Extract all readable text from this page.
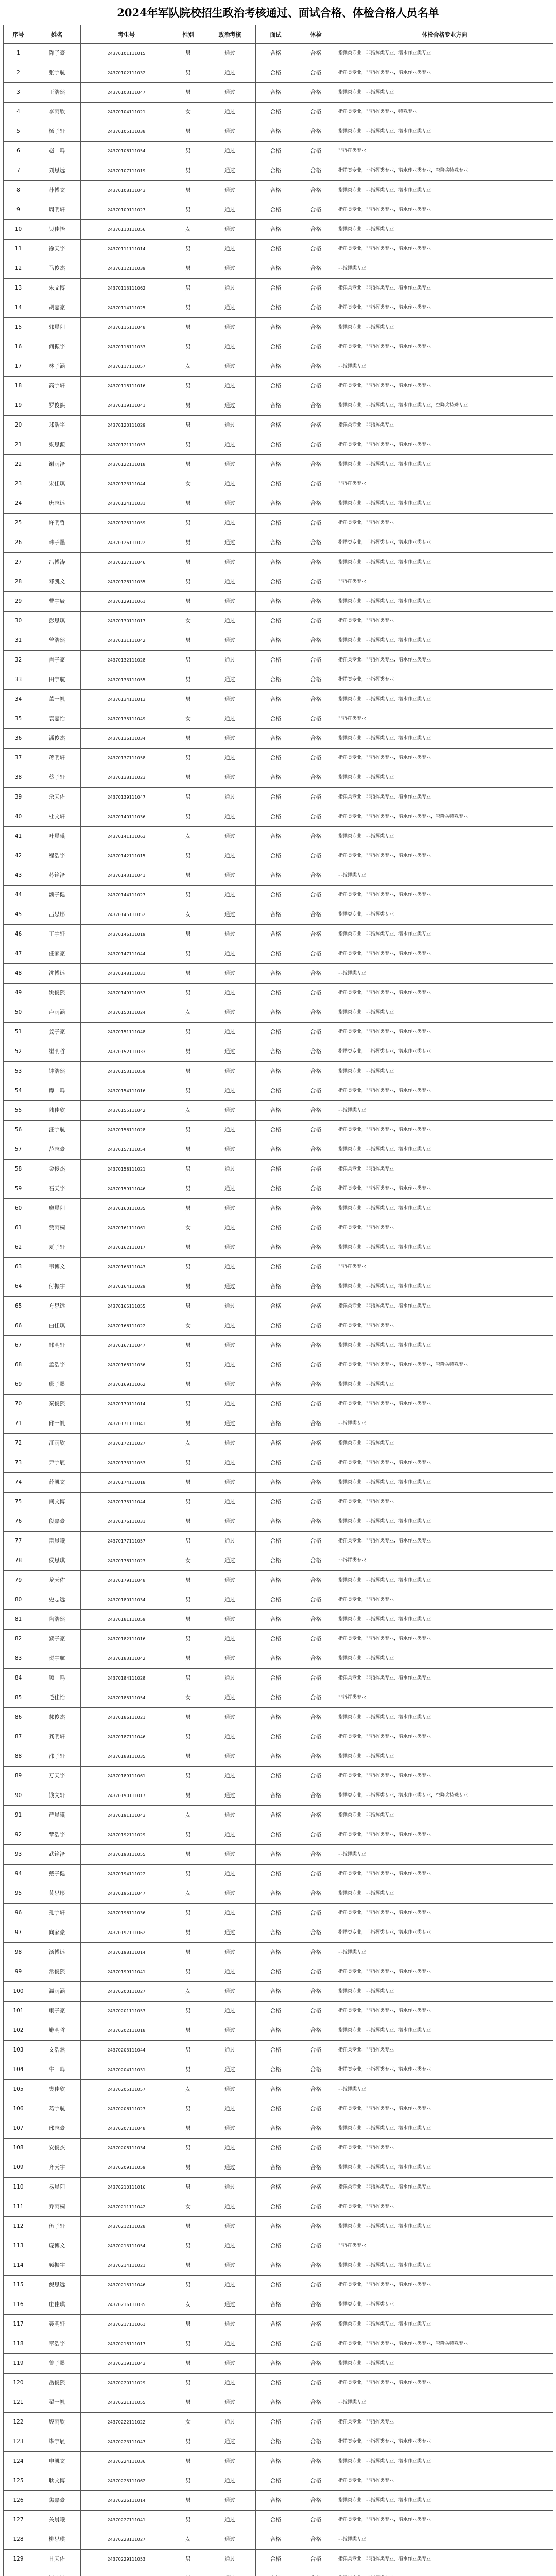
2024年军队院校招生政治考核通过、面试合格、体检合格人员名单
序号	姓名	考生号	性别	政治考核	面试	体检	体检合格专业方向
1	陈子豪	24370101111015	男	通过	合格	合格	指挥类专业，非指挥类专业，潜水作业类专业
2	张宇航	24370102111032	男	通过	合格	合格	指挥类专业，非指挥类专业，潜水作业类专业
3	王浩然	24370103111047	男	通过	合格	合格	指挥类专业，非指挥类专业
4	李雨欣	24370104111021	女	通过	合格	合格	指挥类专业，非指挥类专业，特殊专业
5	杨子轩	24370105111038	男	通过	合格	合格	指挥类专业，非指挥类专业，潜水作业类专业
6	赵一鸣	24370106111054	男	通过	合格	合格	非指挥类专业
7	刘思远	24370107111019	男	通过	合格	合格	指挥类专业，非指挥类专业，潜水作业类专业，空降兵特殊专业
8	孙博文	24370108111043	男	通过	合格	合格	指挥类专业，非指挥类专业，潜水作业类专业
9	周明轩	24370109111027	男	通过	合格	合格	指挥类专业，非指挥类专业，潜水作业类专业
10	吴佳怡	24370110111056	女	通过	合格	合格	指挥类专业，非指挥类专业
11	徐天宇	24370111111014	男	通过	合格	合格	指挥类专业，非指挥类专业，潜水作业类专业
12	马俊杰	24370112111039	男	通过	合格	合格	非指挥类专业
13	朱文博	24370113111062	男	通过	合格	合格	指挥类专业，非指挥类专业，潜水作业类专业
14	胡嘉豪	24370114111025	男	通过	合格	合格	指挥类专业，非指挥类专业，潜水作业类专业
15	郭晨阳	24370115111048	男	通过	合格	合格	指挥类专业，非指挥类专业
16	何振宇	24370116111033	男	通过	合格	合格	指挥类专业，非指挥类专业，潜水作业类专业
17	林子涵	24370117111057	女	通过	合格	合格	非指挥类专业
18	高宇轩	24370118111016	男	通过	合格	合格	指挥类专业，非指挥类专业，潜水作业类专业
19	罗俊熙	24370119111041	男	通过	合格	合格	指挥类专业，非指挥类专业，潜水作业类专业，空降兵特殊专业
20	郑浩宇	24370120111029	男	通过	合格	合格	指挥类专业，非指挥类专业
21	梁思源	24370121111053	男	通过	合格	合格	指挥类专业，非指挥类专业，潜水作业类专业
22	谢雨泽	24370122111018	男	通过	合格	合格	指挥类专业，非指挥类专业，潜水作业类专业
23	宋佳琪	24370123111044	女	通过	合格	合格	非指挥类专业
24	唐志远	24370124111031	男	通过	合格	合格	指挥类专业，非指挥类专业，潜水作业类专业
25	许明哲	24370125111059	男	通过	合格	合格	指挥类专业，非指挥类专业
26	韩子墨	24370126111022	男	通过	合格	合格	指挥类专业，非指挥类专业，潜水作业类专业
27	冯博涛	24370127111046	男	通过	合格	合格	指挥类专业，非指挥类专业，潜水作业类专业
28	邓凯文	24370128111035	男	通过	合格	合格	非指挥类专业
29	曹宇辰	24370129111061	男	通过	合格	合格	指挥类专业，非指挥类专业，潜水作业类专业
30	彭思琪	24370130111017	女	通过	合格	合格	指挥类专业，非指挥类专业
31	曾浩然	24370131111042	男	通过	合格	合格	指挥类专业，非指挥类专业，潜水作业类专业
32	肖子豪	24370132111028	男	通过	合格	合格	指挥类专业，非指挥类专业，潜水作业类专业
33	田宇航	24370133111055	男	通过	合格	合格	指挥类专业，非指挥类专业
34	董一帆	24370134111013	男	通过	合格	合格	指挥类专业，非指挥类专业，潜水作业类专业
35	袁嘉怡	24370135111049	女	通过	合格	合格	非指挥类专业
36	潘俊杰	24370136111034	男	通过	合格	合格	指挥类专业，非指挥类专业，潜水作业类专业
37	蒋明轩	24370137111058	男	通过	合格	合格	指挥类专业，非指挥类专业，潜水作业类专业
38	蔡子轩	24370138111023	男	通过	合格	合格	指挥类专业，非指挥类专业
39	余天佑	24370139111047	男	通过	合格	合格	指挥类专业，非指挥类专业，潜水作业类专业
40	杜文轩	24370140111036	男	通过	合格	合格	指挥类专业，非指挥类专业，潜水作业类专业，空降兵特殊专业
41	叶晨曦	24370141111063	女	通过	合格	合格	指挥类专业，非指挥类专业
42	程浩宇	24370142111015	男	通过	合格	合格	指挥类专业，非指挥类专业，潜水作业类专业
43	苏铭泽	24370143111041	男	通过	合格	合格	非指挥类专业
44	魏子健	24370144111027	男	通过	合格	合格	指挥类专业，非指挥类专业，潜水作业类专业
45	吕思彤	24370145111052	女	通过	合格	合格	指挥类专业，非指挥类专业
46	丁宇轩	24370146111019	男	通过	合格	合格	指挥类专业，非指挥类专业，潜水作业类专业
47	任家豪	24370147111044	男	通过	合格	合格	指挥类专业，非指挥类专业，潜水作业类专业
48	沈博远	24370148111031	男	通过	合格	合格	非指挥类专业
49	姚俊熙	24370149111057	男	通过	合格	合格	指挥类专业，非指挥类专业，潜水作业类专业
50	卢雨涵	24370150111024	女	通过	合格	合格	指挥类专业，非指挥类专业
51	姜子豪	24370151111048	男	通过	合格	合格	指挥类专业，非指挥类专业，潜水作业类专业
52	崔明哲	24370152111033	男	通过	合格	合格	指挥类专业，非指挥类专业，潜水作业类专业
53	钟浩然	24370153111059	男	通过	合格	合格	指挥类专业，非指挥类专业
54	谭一鸣	24370154111016	男	通过	合格	合格	指挥类专业，非指挥类专业，潜水作业类专业
55	陆佳欣	24370155111042	女	通过	合格	合格	非指挥类专业
56	汪宇航	24370156111028	男	通过	合格	合格	指挥类专业，非指挥类专业，潜水作业类专业
57	范志豪	24370157111054	男	通过	合格	合格	指挥类专业，非指挥类专业，潜水作业类专业
58	金俊杰	24370158111021	男	通过	合格	合格	指挥类专业，非指挥类专业
59	石天宇	24370159111046	男	通过	合格	合格	指挥类专业，非指挥类专业，潜水作业类专业
60	廖晨阳	24370160111035	男	通过	合格	合格	指挥类专业，非指挥类专业，潜水作业类专业
61	贾雨桐	24370161111061	女	通过	合格	合格	指挥类专业，非指挥类专业
62	夏子轩	24370162111017	男	通过	合格	合格	指挥类专业，非指挥类专业，潜水作业类专业
63	韦博文	24370163111043	男	通过	合格	合格	非指挥类专业
64	付振宇	24370164111029	男	通过	合格	合格	指挥类专业，非指挥类专业，潜水作业类专业
65	方思远	24370165111055	男	通过	合格	合格	指挥类专业，非指挥类专业，潜水作业类专业
66	白佳琪	24370166111022	女	通过	合格	合格	指挥类专业，非指挥类专业
67	邹明轩	24370167111047	男	通过	合格	合格	指挥类专业，非指挥类专业，潜水作业类专业
68	孟浩宇	24370168111036	男	通过	合格	合格	指挥类专业，非指挥类专业，潜水作业类专业，空降兵特殊专业
69	熊子墨	24370169111062	男	通过	合格	合格	指挥类专业，非指挥类专业
70	秦俊熙	24370170111014	男	通过	合格	合格	指挥类专业，非指挥类专业，潜水作业类专业
71	邱一帆	24370171111041	男	通过	合格	合格	非指挥类专业
72	江雨欣	24370172111027	女	通过	合格	合格	指挥类专业，非指挥类专业
73	尹宇辰	24370173111053	男	通过	合格	合格	指挥类专业，非指挥类专业，潜水作业类专业
74	薛凯文	24370174111018	男	通过	合格	合格	指挥类专业，非指挥类专业，潜水作业类专业
75	闫文博	24370175111044	男	通过	合格	合格	指挥类专业，非指挥类专业
76	段嘉豪	24370176111031	男	通过	合格	合格	指挥类专业，非指挥类专业，潜水作业类专业
77	雷晨曦	24370177111057	男	通过	合格	合格	指挥类专业，非指挥类专业，潜水作业类专业
78	侯思琪	24370178111023	女	通过	合格	合格	非指挥类专业
79	龙天佑	24370179111048	男	通过	合格	合格	指挥类专业，非指挥类专业，潜水作业类专业
80	史志远	24370180111034	男	通过	合格	合格	指挥类专业，非指挥类专业
81	陶浩然	24370181111059	男	通过	合格	合格	指挥类专业，非指挥类专业，潜水作业类专业
82	黎子豪	24370182111016	男	通过	合格	合格	指挥类专业，非指挥类专业，潜水作业类专业
83	贺宇航	24370183111042	男	通过	合格	合格	指挥类专业，非指挥类专业
84	顾一鸣	24370184111028	男	通过	合格	合格	指挥类专业，非指挥类专业，潜水作业类专业
85	毛佳怡	24370185111054	女	通过	合格	合格	非指挥类专业
86	郝俊杰	24370186111021	男	通过	合格	合格	指挥类专业，非指挥类专业，潜水作业类专业
87	龚明轩	24370187111046	男	通过	合格	合格	指挥类专业，非指挥类专业，潜水作业类专业
88	邵子轩	24370188111035	男	通过	合格	合格	指挥类专业，非指挥类专业
89	万天宇	24370189111061	男	通过	合格	合格	指挥类专业，非指挥类专业，潜水作业类专业
90	钱文轩	24370190111017	男	通过	合格	合格	指挥类专业，非指挥类专业，潜水作业类专业，空降兵特殊专业
91	严晨曦	24370191111043	女	通过	合格	合格	指挥类专业，非指挥类专业
92	覃浩宇	24370192111029	男	通过	合格	合格	指挥类专业，非指挥类专业，潜水作业类专业
93	武铭泽	24370193111055	男	通过	合格	合格	非指挥类专业
94	戴子健	24370194111022	男	通过	合格	合格	指挥类专业，非指挥类专业，潜水作业类专业
95	莫思彤	24370195111047	女	通过	合格	合格	指挥类专业，非指挥类专业
96	孔宇轩	24370196111036	男	通过	合格	合格	指挥类专业，非指挥类专业，潜水作业类专业
97	向家豪	24370197111062	男	通过	合格	合格	指挥类专业，非指挥类专业，潜水作业类专业
98	汤博远	24370198111014	男	通过	合格	合格	非指挥类专业
99	常俊熙	24370199111041	男	通过	合格	合格	指挥类专业，非指挥类专业，潜水作业类专业
100	温雨涵	24370200111027	女	通过	合格	合格	指挥类专业，非指挥类专业
101	康子豪	24370201111053	男	通过	合格	合格	指挥类专业，非指挥类专业，潜水作业类专业
102	施明哲	24370202111018	男	通过	合格	合格	指挥类专业，非指挥类专业，潜水作业类专业
103	文浩然	24370203111044	男	通过	合格	合格	指挥类专业，非指挥类专业
104	牛一鸣	24370204111031	男	通过	合格	合格	指挥类专业，非指挥类专业，潜水作业类专业
105	樊佳欣	24370205111057	女	通过	合格	合格	非指挥类专业
106	葛宇航	24370206111023	男	通过	合格	合格	指挥类专业，非指挥类专业，潜水作业类专业
107	邢志豪	24370207111048	男	通过	合格	合格	指挥类专业，非指挥类专业，潜水作业类专业
108	安俊杰	24370208111034	男	通过	合格	合格	指挥类专业，非指挥类专业
109	齐天宇	24370209111059	男	通过	合格	合格	指挥类专业，非指挥类专业，潜水作业类专业
110	易晨阳	24370210111016	男	通过	合格	合格	指挥类专业，非指挥类专业，潜水作业类专业
111	乔雨桐	24370211111042	女	通过	合格	合格	指挥类专业，非指挥类专业
112	伍子轩	24370212111028	男	通过	合格	合格	指挥类专业，非指挥类专业，潜水作业类专业
113	庞博文	24370213111054	男	通过	合格	合格	非指挥类专业
114	颜振宇	24370214111021	男	通过	合格	合格	指挥类专业，非指挥类专业，潜水作业类专业
115	倪思远	24370215111046	男	通过	合格	合格	指挥类专业，非指挥类专业，潜水作业类专业
116	庄佳琪	24370216111035	女	通过	合格	合格	指挥类专业，非指挥类专业
117	聂明轩	24370217111061	男	通过	合格	合格	指挥类专业，非指挥类专业，潜水作业类专业
118	章浩宇	24370218111017	男	通过	合格	合格	指挥类专业，非指挥类专业，潜水作业类专业，空降兵特殊专业
119	鲁子墨	24370219111043	男	通过	合格	合格	指挥类专业，非指挥类专业
120	岳俊熙	24370220111029	男	通过	合格	合格	指挥类专业，非指挥类专业，潜水作业类专业
121	翟一帆	24370221111055	男	通过	合格	合格	非指挥类专业
122	殷雨欣	24370222111022	女	通过	合格	合格	指挥类专业，非指挥类专业
123	毕宇辰	24370223111047	男	通过	合格	合格	指挥类专业，非指挥类专业，潜水作业类专业
124	申凯文	24370224111036	男	通过	合格	合格	指挥类专业，非指挥类专业，潜水作业类专业
125	耿文博	24370225111062	男	通过	合格	合格	指挥类专业，非指挥类专业
126	焦嘉豪	24370226111014	男	通过	合格	合格	指挥类专业，非指挥类专业，潜水作业类专业
127	关晨曦	24370227111041	男	通过	合格	合格	指挥类专业，非指挥类专业，潜水作业类专业
128	柳思琪	24370228111027	女	通过	合格	合格	非指挥类专业
129	甘天佑	24370229111053	男	通过	合格	合格	指挥类专业，非指挥类专业，潜水作业类专业
